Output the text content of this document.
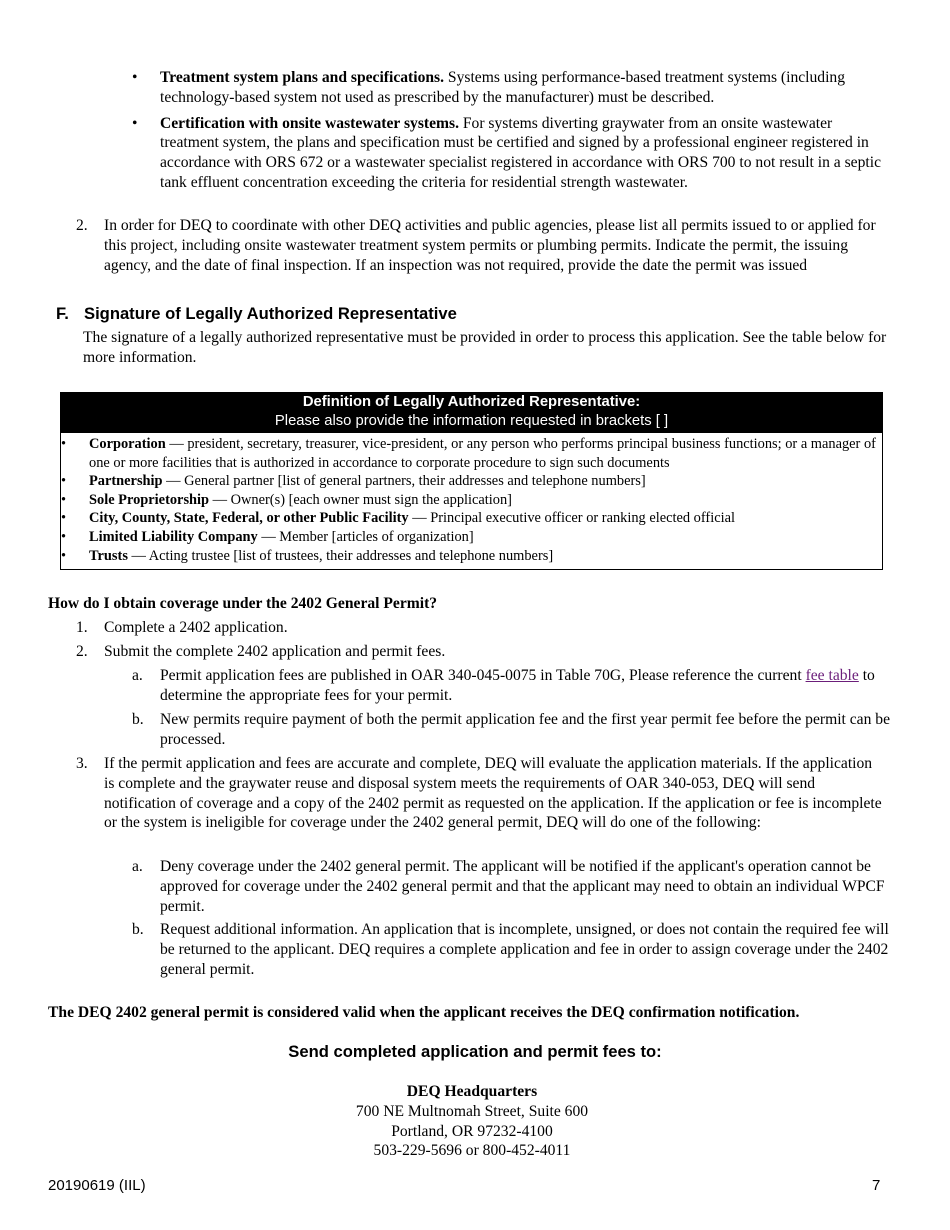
• Treatment system plans and specifications. Systems using performance-based treatment systems (including technology-based system not used as prescribed by the manufacturer) must be described.
• Certification with onsite wastewater systems. For systems diverting graywater from an onsite wastewater treatment system, the plans and specification must be certified and signed by a professional engineer registered in accordance with ORS 672 or a wastewater specialist registered in accordance with ORS 700 to not result in a septic tank effluent concentration exceeding the criteria for residential strength wastewater.
2. In order for DEQ to coordinate with other DEQ activities and public agencies, please list all permits issued to or applied for this project, including onsite wastewater treatment system permits or plumbing permits. Indicate the permit, the issuing agency, and the date of final inspection. If an inspection was not required, provide the date the permit was issued
F. Signature of Legally Authorized Representative
The signature of a legally authorized representative must be provided in order to process this application. See the table below for more information.
Definition of Legally Authorized Representative:
Please also provide the information requested in brackets [ ]
• Corporation — president, secretary, treasurer, vice-president, or any person who performs principal business functions; or a manager of one or more facilities that is authorized in accordance to corporate procedure to sign such documents
• Partnership — General partner [list of general partners, their addresses and telephone numbers]
• Sole Proprietorship — Owner(s) [each owner must sign the application]
• City, County, State, Federal, or other Public Facility — Principal executive officer or ranking elected official
• Limited Liability Company — Member [articles of organization]
• Trusts — Acting trustee [list of trustees, their addresses and telephone numbers]
How do I obtain coverage under the 2402 General Permit?
1. Complete a 2402 application.
2. Submit the complete 2402 application and permit fees.
a. Permit application fees are published in OAR 340-045-0075 in Table 70G, Please reference the current fee table to determine the appropriate fees for your permit.
b. New permits require payment of both the permit application fee and the first year permit fee before the permit can be processed.
3. If the permit application and fees are accurate and complete, DEQ will evaluate the application materials. If the application is complete and the graywater reuse and disposal system meets the requirements of OAR 340-053, DEQ will send notification of coverage and a copy of the 2402 permit as requested on the application. If the application or fee is incomplete or the system is ineligible for coverage under the 2402 general permit, DEQ will do one of the following:
a. Deny coverage under the 2402 general permit. The applicant will be notified if the applicant's operation cannot be approved for coverage under the 2402 general permit and that the applicant may need to obtain an individual WPCF permit.
b. Request additional information. An application that is incomplete, unsigned, or does not contain the required fee will be returned to the applicant. DEQ requires a complete application and fee in order to assign coverage under the 2402 general permit.
The DEQ 2402 general permit is considered valid when the applicant receives the DEQ confirmation notification.
Send completed application and permit fees to:
DEQ Headquarters
700 NE Multnomah Street, Suite 600
Portland, OR 97232-4100
503-229-5696 or 800-452-4011
20190619 (IIL)	7
